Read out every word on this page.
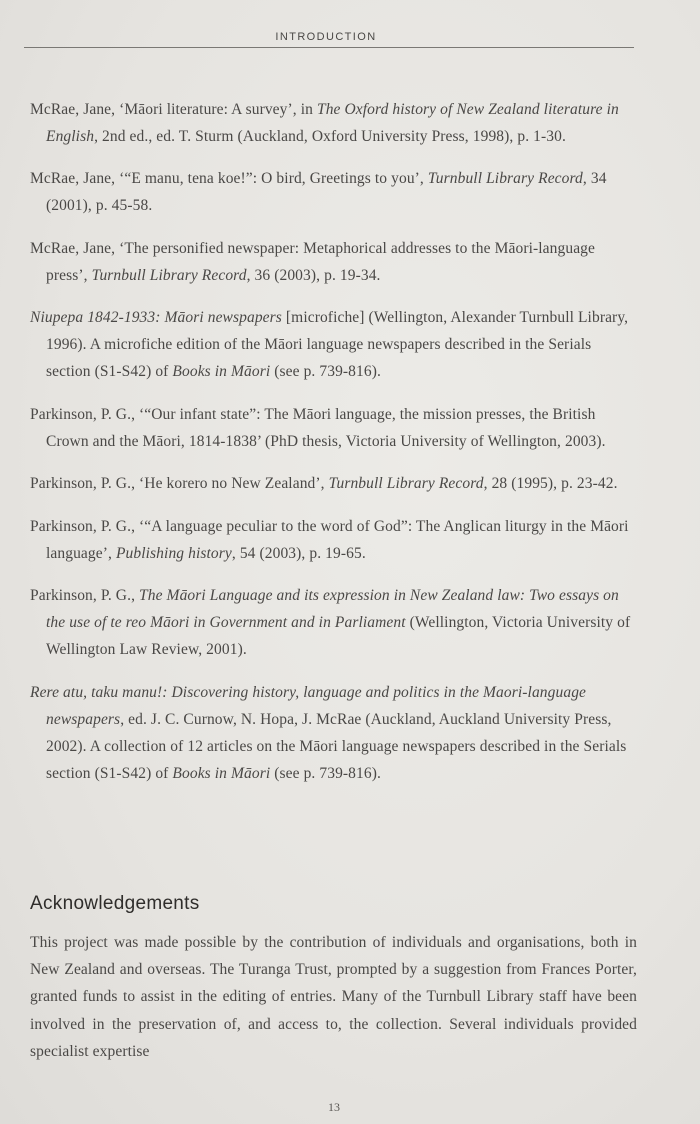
INTRODUCTION

McRae, Jane, ‘Māori literature: A survey’, in The Oxford history of New Zealand literature in English, 2nd ed., ed. T. Sturm (Auckland, Oxford University Press, 1998), p. 1-30.

McRae, Jane, ‘“E manu, tena koe!”: O bird, Greetings to you’, Turnbull Library Record, 34 (2001), p. 45-58.

McRae, Jane, ‘The personified newspaper: Metaphorical addresses to the Māori-language press’, Turnbull Library Record, 36 (2003), p. 19-34.

Niupepa 1842-1933: Māori newspapers [microfiche] (Wellington, Alexander Turnbull Library, 1996). A microfiche edition of the Māori language newspapers described in the Serials section (S1-S42) of Books in Māori (see p. 739-816).

Parkinson, P. G., ‘“Our infant state”: The Māori language, the mission presses, the British Crown and the Māori, 1814-1838’ (PhD thesis, Victoria University of Wellington, 2003).

Parkinson, P. G., ‘He korero no New Zealand’, Turnbull Library Record, 28 (1995), p. 23-42.

Parkinson, P. G., ‘“A language peculiar to the word of God”: The Anglican liturgy in the Māori language’, Publishing history, 54 (2003), p. 19-65.

Parkinson, P. G., The Māori Language and its expression in New Zealand law: Two essays on the use of te reo Māori in Government and in Parliament (Wellington, Victoria University of Wellington Law Review, 2001).

Rere atu, taku manu!: Discovering history, language and politics in the Maori-language newspapers, ed. J. C. Curnow, N. Hopa, J. McRae (Auckland, Auckland University Press, 2002). A collection of 12 articles on the Māori language newspapers described in the Serials section (S1-S42) of Books in Māori (see p. 739-816).

Acknowledgements

This project was made possible by the contribution of individuals and organisations, both in New Zealand and overseas. The Turanga Trust, prompted by a suggestion from Frances Porter, granted funds to assist in the editing of entries. Many of the Turnbull Library staff have been involved in the preservation of, and access to, the collection. Several individuals provided specialist expertise

13
